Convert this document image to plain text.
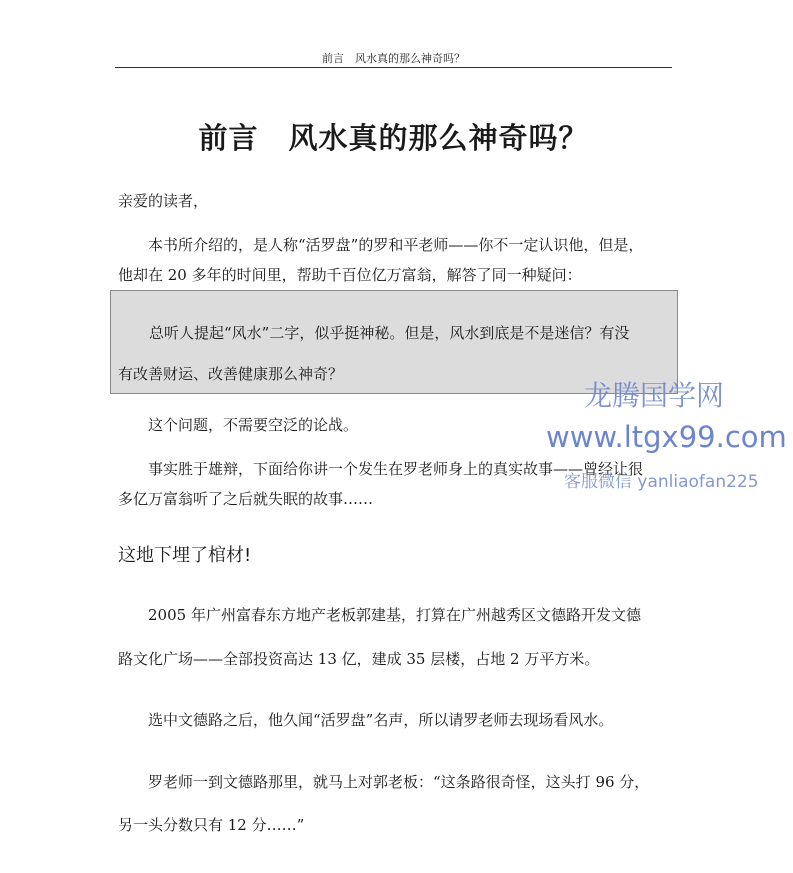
前言　风水真的那么神奇吗？
前言　风水真的那么神奇吗？
亲爱的读者，
本书所介绍的，是人称“活罗盘”的罗和平老师——你不一定认识他，但是，
他却在 20 多年的时间里，帮助千百位亿万富翁，解答了同一种疑问：
总听人提起“风水”二字，似乎挺神秘。但是，风水到底是不是迷信？有没
有改善财运、改善健康那么神奇？
这个问题，不需要空泛的论战。
事实胜于雄辩，下面给你讲一个发生在罗老师身上的真实故事——曾经让很
多亿万富翁听了之后就失眠的故事……
这地下埋了棺材!
2005 年广州富春东方地产老板郭建基，打算在广州越秀区文德路开发文德
路文化广场——全部投资高达 13 亿，建成 35 层楼，占地 2 万平方米。
选中文德路之后，他久闻“活罗盘”名声，所以请罗老师去现场看风水。
罗老师一到文德路那里，就马上对郭老板：“这条路很奇怪，这头打 96 分，
另一头分数只有 12 分……”
龙腾国学网
www.ltgx99.com
客服微信 yanliaofan225
